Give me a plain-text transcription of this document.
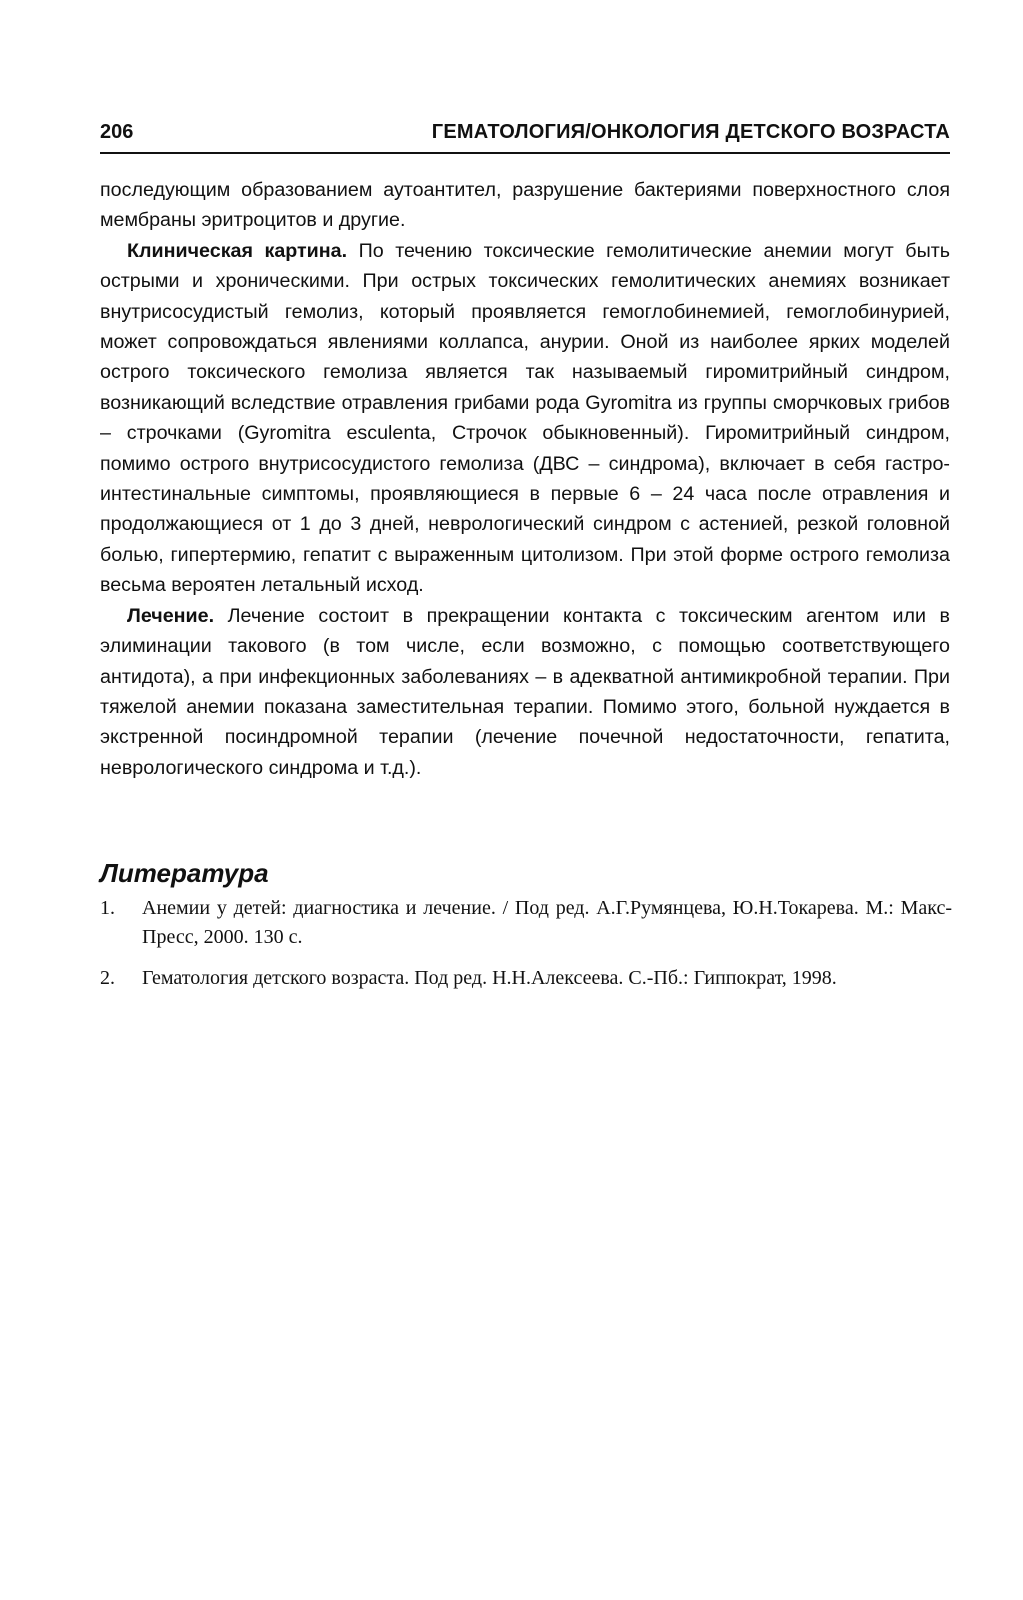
206	ГЕМАТОЛОГИЯ/ОНКОЛОГИЯ ДЕТСКОГО ВОЗРАСТА

последующим образованием аутоантител, разрушение бактериями поверхностного слоя мембраны эритроцитов и другие.

Клиническая картина. По течению токсические гемолитические анемии могут быть острыми и хроническими. При острых токсических гемолитических анемиях возникает внутрисосудистый гемолиз, который проявляется гемоглобинемией, гемоглобинурией, может сопровождаться явлениями коллапса, анурии. Оной из наиболее ярких моделей острого токсического гемолиза является так называемый гиромитрийный синдром, возникающий вследствие отравления грибами рода Gyromitra из группы сморчковых грибов – строчками (Gyromitra esculenta, Строчок обыкновенный). Гиромитрийный синдром, помимо острого внутрисосудистого гемолиза (ДВС – синдрома), включает в себя гастро-интестинальные симптомы, проявляющиеся в первые 6 – 24 часа после отравления и продолжающиеся от 1 до 3 дней, неврологический синдром с астенией, резкой головной болью, гипертермию, гепатит с выраженным цитолизом. При этой форме острого гемолиза весьма вероятен летальный исход.

Лечение. Лечение состоит в прекращении контакта с токсическим агентом или в элиминации такового (в том числе, если возможно, с помощью соответствующего антидота), а при инфекционных заболеваниях – в адекватной антимикробной терапии. При тяжелой анемии показана заместительная терапии. Помимо этого, больной нуждается в экстренной посиндромной терапии (лечение почечной недостаточности, гепатита, неврологического синдрома и т.д.).

Литература
1. Анемии у детей: диагностика и лечение. / Под ред. А.Г.Румянцева, Ю.Н.Токарева. М.: Макс-Пресс, 2000. 130 с.
2. Гематология детского возраста. Под ред. Н.Н.Алексеева. С.-Пб.: Гиппократ, 1998.
